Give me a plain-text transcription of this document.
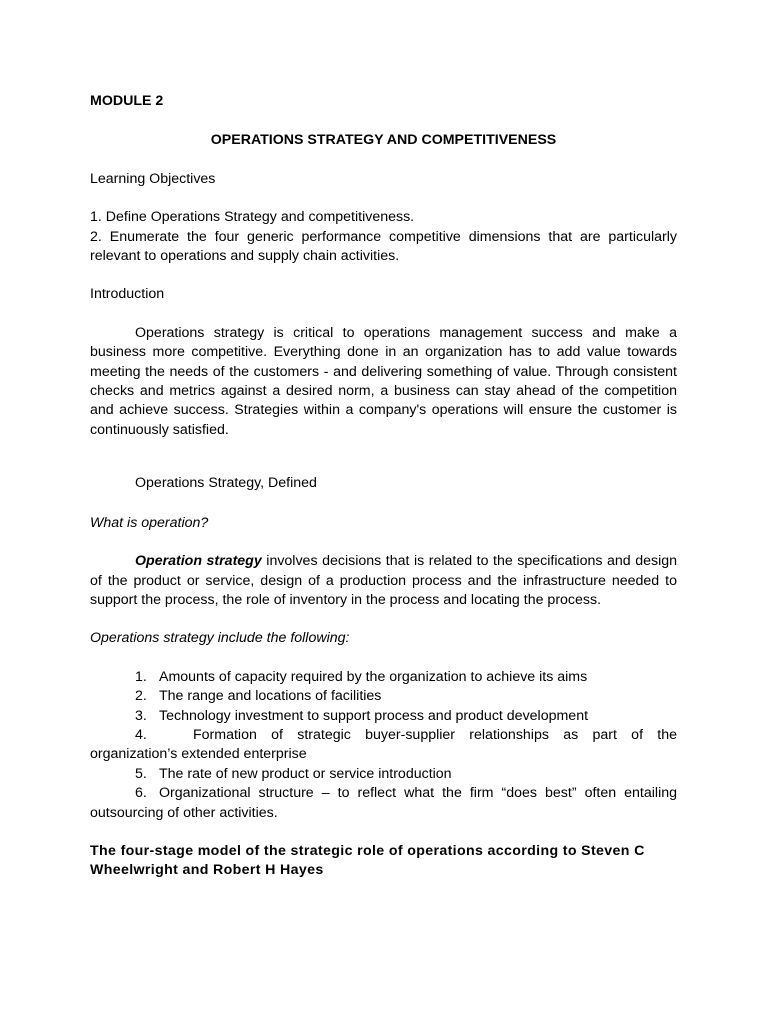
MODULE 2

OPERATIONS STRATEGY AND COMPETITIVENESS

Learning Objectives

1. Define Operations Strategy and competitiveness.

2. Enumerate the four generic performance competitive dimensions that are particularly relevant to operations and supply chain activities.

Introduction

Operations strategy is critical to operations management success and make a business more competitive. Everything done in an organization has to add value towards meeting the needs of the customers - and delivering something of value. Through consistent checks and metrics against a desired norm, a business can stay ahead of the competition and achieve success. Strategies within a company's operations will ensure the customer is continuously satisfied.

Operations Strategy, Defined

What is operation?

Operation strategy involves decisions that is related to the specifications and design of the product or service, design of a production process and the infrastructure needed to support the process, the role of inventory in the process and locating the process.

Operations strategy include the following:

1. Amounts of capacity required by the organization to achieve its aims

2. The range and locations of facilities

3. Technology investment to support process and product development

4.	Formation of strategic buyer-supplier relationships as part of the organization’s extended enterprise

5. The rate of new product or service introduction

6. Organizational structure – to reflect what the firm “does best” often entailing outsourcing of other activities.

The four-stage model of the strategic role of operations according to Steven C Wheelwright and Robert H Hayes
